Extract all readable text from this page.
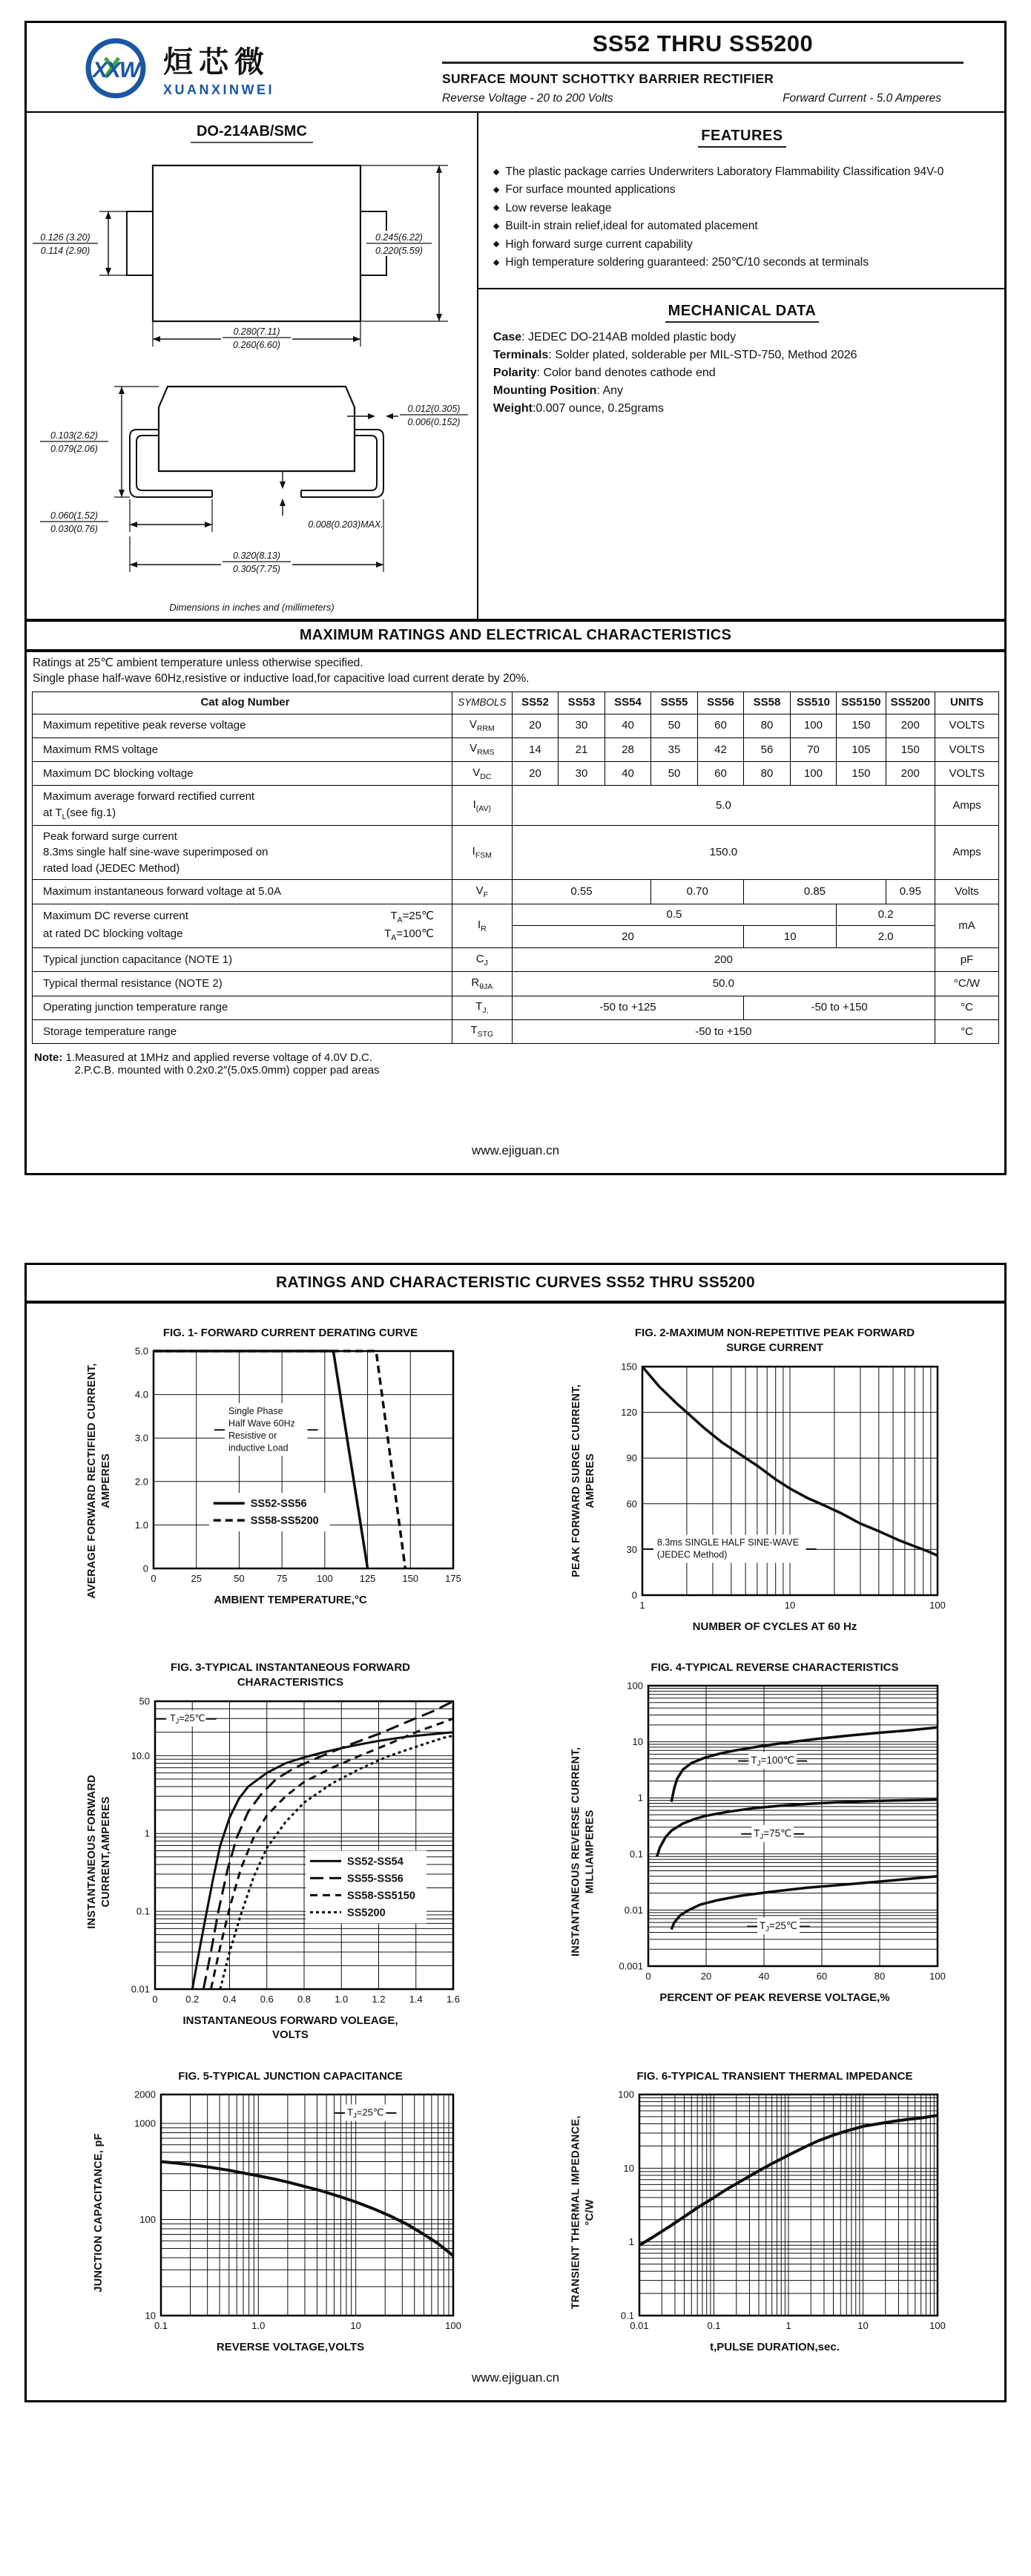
XXW 烜芯微
XUANXINWEI
SS52 THRU SS5200
SURFACE MOUNT SCHOTTKY BARRIER RECTIFIER
Reverse Voltage - 20 to 200 Volts	Forward Current - 5.0 Amperes
DO-214AB/SMC
0.126 (3.20)
0.114 (2.90)
0.245(6.22)
0.220(5.59)
0.280(7.11)
0.260(6.60)
0.012(0.305)
0.006(0.152)
0.103(2.62)
0.079(2.06)
0.060(1.52)
0.030(0.76)	0.008(0.203)MAX.
0.320(8.13)
0.305(7.75)
Dimensions in inches and (millimeters)
FEATURES
◆ The plastic package carries Underwriters Laboratory Flammability Classification 94V-0
◆ For surface mounted applications
◆ Low reverse leakage
◆ Built-in strain relief,ideal for automated placement
◆ High forward surge current capability
◆ High temperature soldering guaranteed: 250℃/10 seconds at terminals
MECHANICAL DATA
Case: JEDEC DO-214AB molded plastic body
Terminals: Solder plated, solderable per MIL-STD-750, Method 2026
Polarity: Color band denotes cathode end
Mounting Position: Any
Weight:0.007 ounce, 0.25grams
MAXIMUM RATINGS AND ELECTRICAL CHARACTERISTICS
Ratings at 25℃ ambient temperature unless otherwise specified.
Single phase half-wave 60Hz,resistive or inductive load,for capacitive load current derate by 20%.
Cat alog Number	SYMBOLS	SS52	SS53	SS54	SS55	SS56	SS58	SS510	SS5150	SS5200	UNITS
Maximum repetitive peak reverse voltage	$V_{RRM}$	20	30	40	50	60	80	100	150	200	VOLTS
Maximum RMS voltage	$V_{RMS}$	14	21	28	35	42	56	70	105	150	VOLTS
Maximum DC blocking voltage	$V_{DC}$	20	30	40	50	60	80	100	150	200	VOLTS
Maximum average forward rectified current
at $T_L(see$ fig.1)	$I_{(AV)}$	5.0									Amps
Peak forward surge current
8.3ms single half sine-wave superimposed on
rated load (JEDEC Method)	$I_{FSM}$	150.0									Amps
Maximum instantaneous forward voltage at 5.0A	$V_F$	0.55			0.70		0.85			0.95	Volts

Maximum DC reverse current $T_A=25℃$
at rated DC blocking voltage $T_A=100℃$	$I_R$	0.5							0.2		mA
		20					10		2.0		
Typical junction capacitance (NOTE 1)	$C_J$	200									pF
Typical thermal resistance (NOTE 2)	$R_{\theta JA}$	50.0									°C/W
Operating junction temperature range	$T_{J,}$	-50 to +125					-50 to +150				°C
Storage temperature range	$T_{STG}$	-50 to +150									°C
Note: 1.Measured at 1MHz and applied reverse voltage of 4.0V D.C.
2.P.C.B. mounted with 0.2x0.2″(5.0x5.0mm) copper pad areas
www.ejiguan.cn
RATINGS AND CHARACTERISTIC CURVES SS52 THRU SS5200
AVERAGE FORWARD RECTIFIED CURRENT, AMPERES
FIG. 1- FORWARD CURRENT DERATING CURVE
0	25	50	75	100	125	150	175
0
1.0
2.0
3.0
4.0
5.0
SS52-SS56
SS58-SS5200
Single Phase
Half Wave 60Hz
Resistive or
inductive Load
AMBIENT TEMPERATURE,°C
PEAK FORWARD SURGE CURRENT, AMPERES
FIG. 2-MAXIMUM NON-REPETITIVE PEAK FORWARD
SURGE CURRENT
1	10	100
0
30
60
90
120
150
8.3ms SINGLE HALF SINE-WAVE
(JEDEC Method)
NUMBER OF CYCLES AT 60 Hz
INSTANTANEOUS FORWARD CURRENT,AMPERES
FIG. 3-TYPICAL INSTANTANEOUS FORWARD
CHARACTERISTICS
0	0.2 0.4 0.6 0.8 1.0 1.2 1.4 1.6
0.01
0.1
1
10.0
50
SS52-SS54
SS55-SS56
SS58-SS5150
SS5200
$T_J=25℃$
INSTANTANEOUS FORWARD VOLEAGE,
VOLTS
INSTANTANEOUS REVERSE CURRENT, MILLIAMPERES
FIG. 4-TYPICAL REVERSE CHARACTERISTICS
0	20	40	60	80	100
0.001
0.01
0.1
1
10
100
$T_J=100℃$
$T_J=75℃$
$T_J=25℃$
PERCENT OF PEAK REVERSE VOLTAGE,%
JUNCTION CAPACITANCE, pF
FIG. 5-TYPICAL JUNCTION CAPACITANCE
0.1	1.0	10	100
10
100
1000
2000
$T_J=25℃$
REVERSE VOLTAGE,VOLTS
TRANSIENT THERMAL IMPEDANCE, °C/W
FIG. 6-TYPICAL TRANSIENT THERMAL IMPEDANCE
0.01	0.1	1	10	100
0.1
1
10
100
t,PULSE DURATION,sec.
www.ejiguan.cn
